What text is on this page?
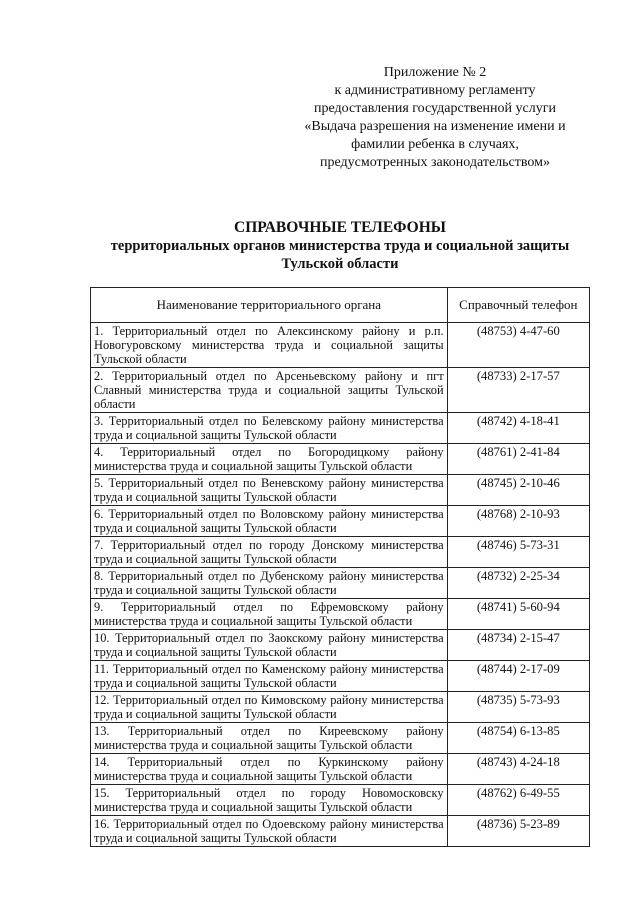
Приложение № 2
к административному регламенту
предоставления государственной услуги
«Выдача разрешения на изменение имени и
фамилии ребенка в случаях,
предусмотренных законодательством»
СПРАВОЧНЫЕ ТЕЛЕФОНЫ
территориальных органов министерства труда и социальной защиты
Тульской области
Наименование территориального органа	Справочный телефон
1. Территориальный отдел по Алексинскому району и р.п. Новогуровскому министерства труда и социальной защиты Тульской области	(48753) 4-47-60
2. Территориальный отдел по Арсеньевскому району и пгт Славный министерства труда и социальной защиты Тульской области	(48733) 2-17-57
3. Территориальный отдел по Белевскому району министерства труда и социальной защиты Тульской области	(48742) 4-18-41
4. Территориальный отдел по Богородицкому району министерства труда и социальной защиты Тульской области	(48761) 2-41-84
5. Территориальный отдел по Веневскому району министерства труда и социальной защиты Тульской области	(48745) 2-10-46
6. Территориальный отдел по Воловскому району министерства труда и социальной защиты Тульской области	(48768) 2-10-93
7. Территориальный отдел по городу Донскому министерства труда и социальной защиты Тульской области	(48746) 5-73-31
8. Территориальный отдел по Дубенскому району министерства труда и социальной защиты Тульской области	(48732) 2-25-34
9. Территориальный отдел по Ефремовскому району министерства труда и социальной защиты Тульской области	(48741) 5-60-94
10. Территориальный отдел по Заокскому району министерства труда и социальной защиты Тульской области	(48734) 2-15-47
11. Территориальный отдел по Каменскому району министерства труда и социальной защиты Тульской области	(48744) 2-17-09
12. Территориальный отдел по Кимовскому району министерства труда и социальной защиты Тульской области	(48735) 5-73-93
13. Территориальный отдел по Киреевскому району министерства труда и социальной защиты Тульской области	(48754) 6-13-85
14. Территориальный отдел по Куркинскому району министерства труда и социальной защиты Тульской области	(48743) 4-24-18
15. Территориальный отдел по городу Новомосковску министерства труда и социальной защиты Тульской области	(48762) 6-49-55
16. Территориальный отдел по Одоевскому району министерства труда и социальной защиты Тульской области	(48736) 5-23-89
